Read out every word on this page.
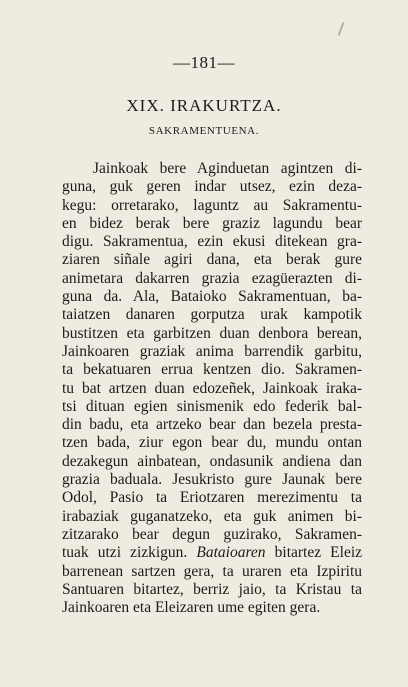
—181—
XIX. IRAKURTZA.
SAKRAMENTUENA.
Jainkoak bere Aginduetan agintzen di-
guna, guk geren indar utsez, ezin deza-
kegu: orretarako, laguntz au Sakramentu-
en bidez berak bere graziz lagundu bear
digu. Sakramentua, ezin ekusi ditekean gra-
ziaren siñale agiri dana, eta berak gure
animetara dakarren grazia ezagüerazten di-
guna da. Ala, Bataioko Sakramentuan, ba-
taiatzen danaren gorputza urak kampotik
bustitzen eta garbitzen duan denbora berean,
Jainkoaren graziak anima barrendik garbitu,
ta bekatuaren errua kentzen dio. Sakramen-
tu bat artzen duan edozeñek, Jainkoak iraka-
tsi dituan egien sinismenik edo federik bal-
din badu, eta artzeko bear dan bezela presta-
tzen bada, ziur egon bear du, mundu ontan
dezakegun ainbatean, ondasunik andiena dan
grazia baduala. Jesukristo gure Jaunak bere
Odol, Pasio ta Eriotzaren merezimentu ta
irabaziak guganatzeko, eta guk animen bi-
zitzarako bear degun guzirako, Sakramen-
tuak utzi zizkigun. Bataioaren bitartez Eleiz
barrenean sartzen gera, ta uraren eta Izpiritu
Santuaren bitartez, berriz jaio, ta Kristau ta
Jainkoaren eta Eleizaren ume egiten gera.
